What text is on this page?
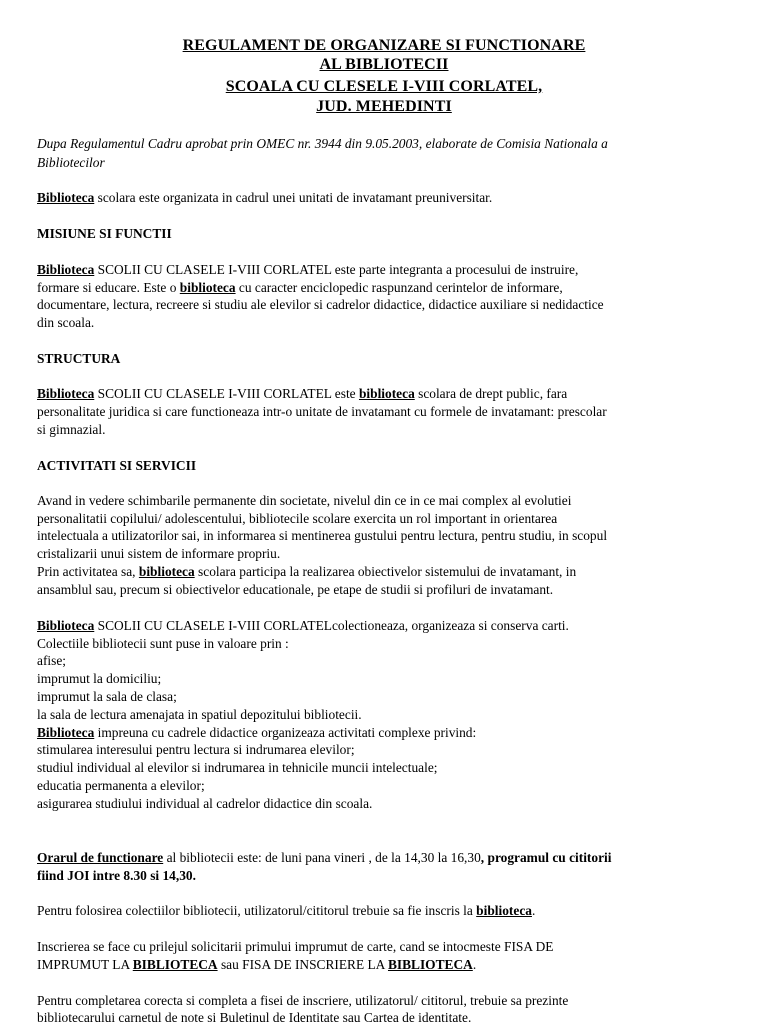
REGULAMENT DE ORGANIZARE SI FUNCTIONARE
AL BIBLIOTECII
SCOALA CU CLESELE I-VIII CORLATEL,
JUD. MEHEDINTI
Dupa Regulamentul Cadru aprobat prin OMEC nr. 3944 din 9.05.2003, elaborate de Comisia Nationala a
Bibliotecilor
Biblioteca scolara este organizata in cadrul unei unitati de invatamant preuniversitar.
MISIUNE SI FUNCTII
Biblioteca SCOLII CU CLASELE I-VIII CORLATEL este parte integranta a procesului de instruire,
formare si educare. Este o biblioteca cu caracter enciclopedic raspunzand cerintelor de informare,
documentare, lectura, recreere si studiu ale elevilor si cadrelor didactice, didactice auxiliare si nedidactice
din scoala.
STRUCTURA
Biblioteca SCOLII CU CLASELE I-VIII CORLATEL este biblioteca scolara de drept public, fara
personalitate juridica si care functioneaza intr-o unitate de invatamant cu formele de invatamant: prescolar
si gimnazial.
ACTIVITATI SI SERVICII
Avand in vedere schimbarile permanente din societate, nivelul din ce in ce mai complex al evolutiei
personalitatii copilului/ adolescentului, bibliotecile scolare exercita un rol important in orientarea
intelectuala a utilizatorilor sai, in informarea si mentinerea gustului pentru lectura, pentru studiu, in scopul
cristalizarii unui sistem de informare propriu.
Prin activitatea sa, biblioteca scolara participa la realizarea obiectivelor sistemului de invatamant, in
ansamblul sau, precum si obiectivelor educationale, pe etape de studii si profiluri de invatamant.
Biblioteca SCOLII CU CLASELE I-VIII CORLATELcolectioneaza, organizeaza si conserva carti.
Colectiile bibliotecii sunt puse in valoare prin :
afise;
imprumut la domiciliu;
imprumut la sala de clasa;
la sala de lectura amenajata in spatiul depozitului bibliotecii.
Biblioteca impreuna cu cadrele didactice organizeaza activitati complexe privind:
stimularea interesului pentru lectura si indrumarea elevilor;
studiul individual al elevilor si indrumarea in tehnicile muncii intelectuale;
educatia permanenta a elevilor;
asigurarea studiului individual al cadrelor didactice din scoala.
Orarul de functionare al bibliotecii este: de luni pana vineri , de la 14,30 la 16,30, programul cu cititorii
fiind JOI intre 8.30 si 14,30.
Pentru folosirea colectiilor bibliotecii, utilizatorul/cititorul trebuie sa fie inscris la biblioteca.
Inscrierea se face cu prilejul solicitarii primului imprumut de carte, cand se intocmeste FISA DE
IMPRUMUT LA BIBLIOTECA sau FISA DE INSCRIERE LA BIBLIOTECA.
Pentru completarea corecta si completa a fisei de inscriere, utilizatorul/ cititorul, trebuie sa prezinte
bibliotecarului carnetul de note si Buletinul de Identitate sau Cartea de identitate.
